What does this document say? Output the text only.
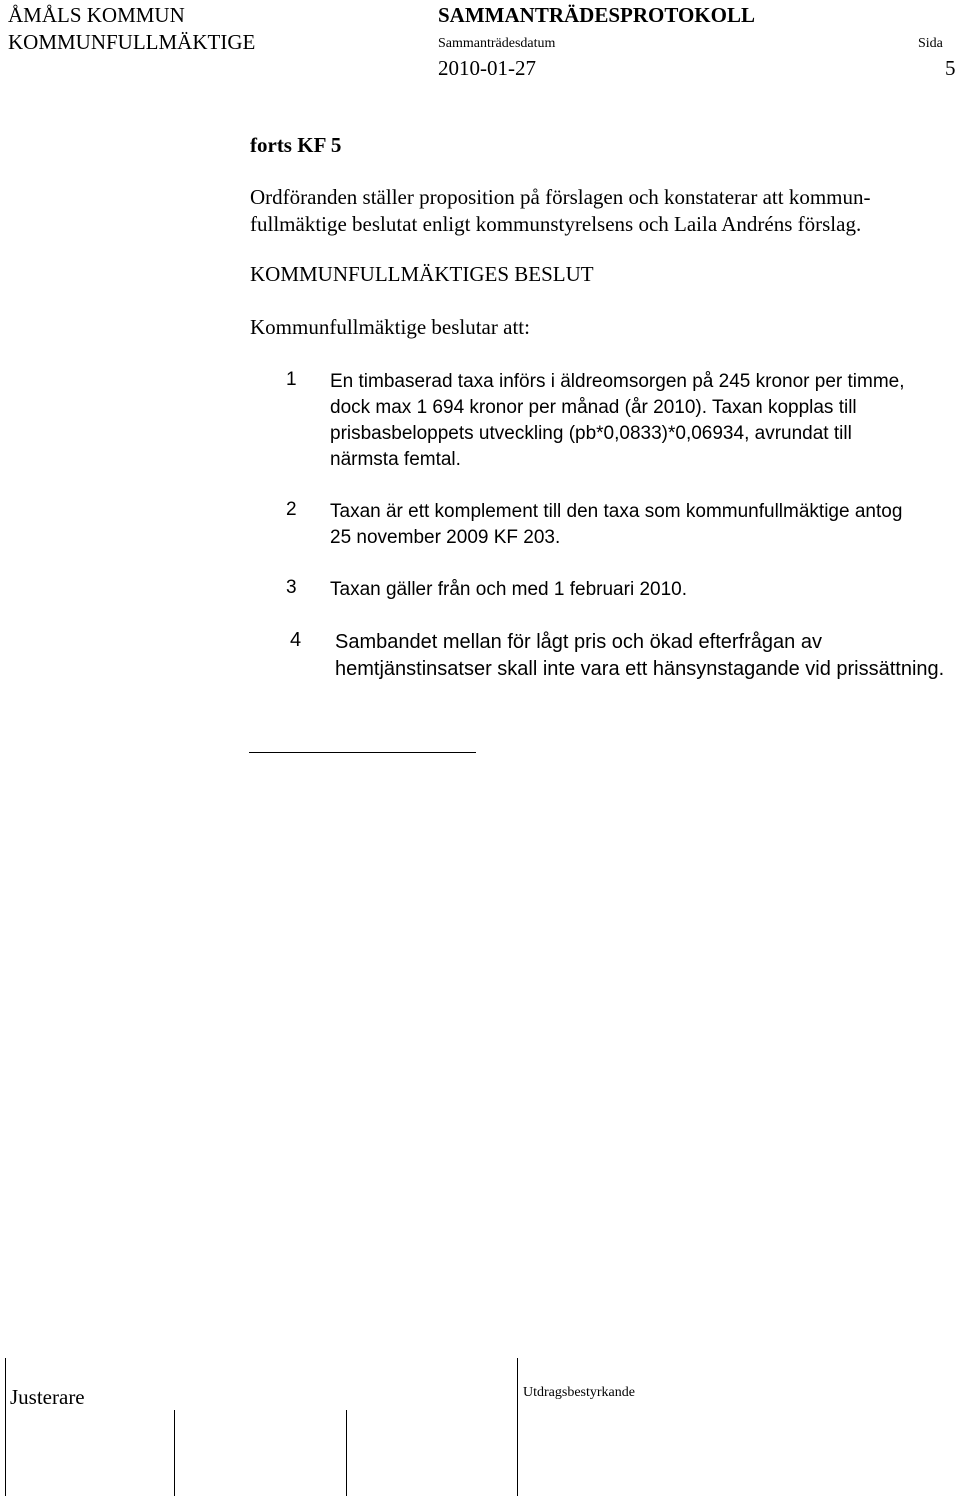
ÅMÅLS KOMMUN
KOMMUNFULLMÄKTIGE
SAMMANTRÄDESPROTOKOLL
Sammanträdesdatum	Sida
2010-01-27	5
forts KF 5
Ordföranden ställer proposition på förslagen och konstaterar att kommun-
fullmäktige beslutat enligt kommunstyrelsens och Laila Andréns förslag.
KOMMUNFULLMÄKTIGES BESLUT
Kommunfullmäktige beslutar att:
1 En timbaserad taxa införs i äldreomsorgen på 245 kronor per timme,
dock max 1 694 kronor per månad (år 2010). Taxan kopplas till
prisbasbeloppets utveckling (pb*0,0833)*0,06934, avrundat till
närmsta femtal.
2 Taxan är ett komplement till den taxa som kommunfullmäktige antog
25 november 2009 KF 203.
3 Taxan gäller från och med 1 februari 2010.
4 Sambandet mellan för lågt pris och ökad efterfrågan av
hemtjänstinsatser skall inte vara ett hänsynstagande vid prissättning.
Justerare	Utdragsbestyrkande
